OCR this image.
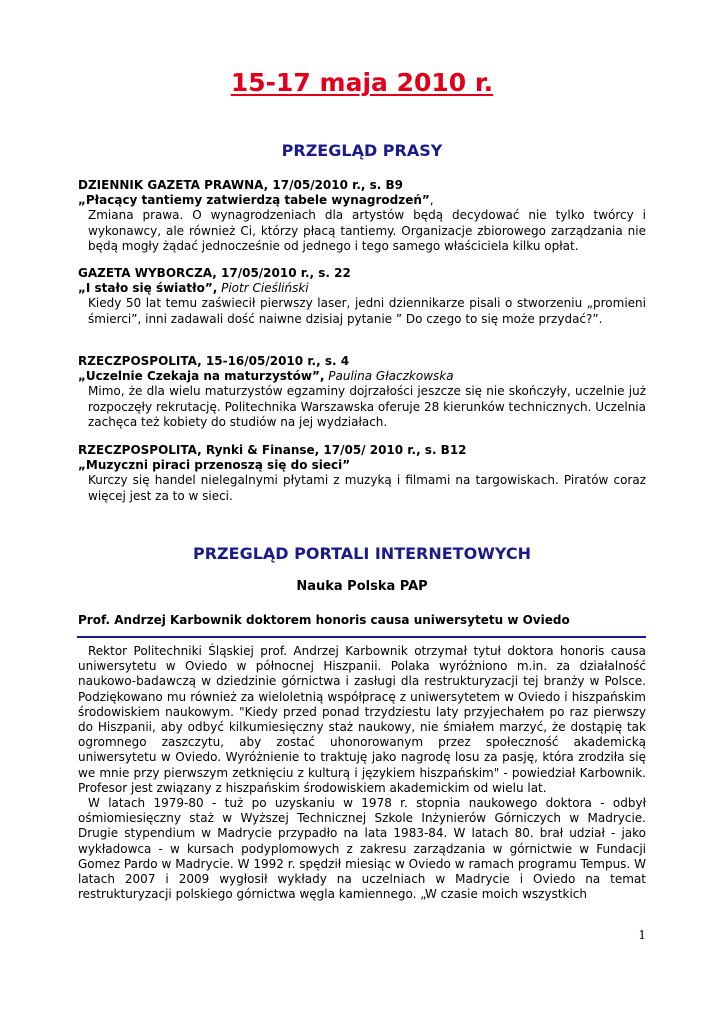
15-17 maja 2010 r.
PRZEGLĄD PRASY
DZIENNIK GAZETA PRAWNA, 17/05/2010 r., s. B9
„Płacący tantiemy zatwierdzą tabele wynagrodzeń”,
Zmiana prawa. O wynagrodzeniach dla artystów będą decydować nie tylko twórcy i wykonawcy, ale również Ci, którzy płacą tantiemy. Organizacje zbiorowego zarządzania nie będą mogły żądać jednocześnie od jednego i tego samego właściciela kilku opłat.
GAZETA WYBORCZA, 17/05/2010 r., s. 22
„I stało się światło”, Piotr Cieśliński
Kiedy 50 lat temu zaświecił pierwszy laser, jedni dziennikarze pisali o stworzeniu „promieni śmierci”, inni zadawali dość naiwne dzisiaj pytanie ” Do czego to się może przydać?”.
RZECZPOSPOLITA, 15-16/05/2010 r., s. 4
„Uczelnie Czekaja na maturzystów”, Paulina Głaczkowska
Mimo, że dla wielu maturzystów egzaminy dojrzałości jeszcze się nie skończyły, uczelnie już rozpoczęły rekrutację. Politechnika Warszawska oferuje 28 kierunków technicznych. Uczelnia zachęca też kobiety do studiów na jej wydziałach.
RZECZPOSPOLITA, Rynki & Finanse, 17/05/ 2010 r., s. B12
„Muzyczni piraci przenoszą się do sieci”
Kurczy się handel nielegalnymi płytami z muzyką i filmami na targowiskach. Piratów coraz więcej jest za to w sieci.
PRZEGLĄD PORTALI INTERNETOWYCH
Nauka Polska PAP
Prof. Andrzej Karbownik doktorem honoris causa uniwersytetu w Oviedo

Rektor Politechniki Śląskiej prof. Andrzej Karbownik otrzymał tytuł doktora honoris causa uniwersytetu w Oviedo w północnej Hiszpanii. Polaka wyróżniono m.in. za działalność naukowo-badawczą w dziedzinie górnictwa i zasługi dla restrukturyzacji tej branży w Polsce. Podziękowano mu również za wieloletnią współpracę z uniwersytetem w Oviedo i hiszpańskim środowiskiem naukowym. "Kiedy przed ponad trzydziestu laty przyjechałem po raz pierwszy do Hiszpanii, aby odbyć kilkumiesięczny staż naukowy, nie śmiałem marzyć, że dostąpię tak ogromnego zaszczytu, aby zostać uhonorowanym przez społeczność akademicką uniwersytetu w Oviedo. Wyróżnienie to traktuję jako nagrodę losu za pasję, która zrodziła się we mnie przy pierwszym zetknięciu z kulturą i językiem hiszpańskim" - powiedział Karbownik. Profesor jest związany z hiszpańskim środowiskiem akademickim od wielu lat.

W latach 1979-80 - tuż po uzyskaniu w 1978 r. stopnia naukowego doktora - odbył ośmiomiesięczny staż w Wyższej Technicznej Szkole Inżynierów Górniczych w Madrycie. Drugie stypendium w Madrycie przypadło na lata 1983-84. W latach 80. brał udział - jako wykładowca - w kursach podyplomowych z zakresu zarządzania w górnictwie w Fundacji Gomez Pardo w Madrycie. W 1992 r. spędził miesiąc w Oviedo w ramach programu Tempus. W latach 2007 i 2009 wygłosił wykłady na uczelniach w Madrycie i Oviedo na temat restrukturyzacji polskiego górnictwa węgla kamiennego. „W czasie moich wszystkich

1
